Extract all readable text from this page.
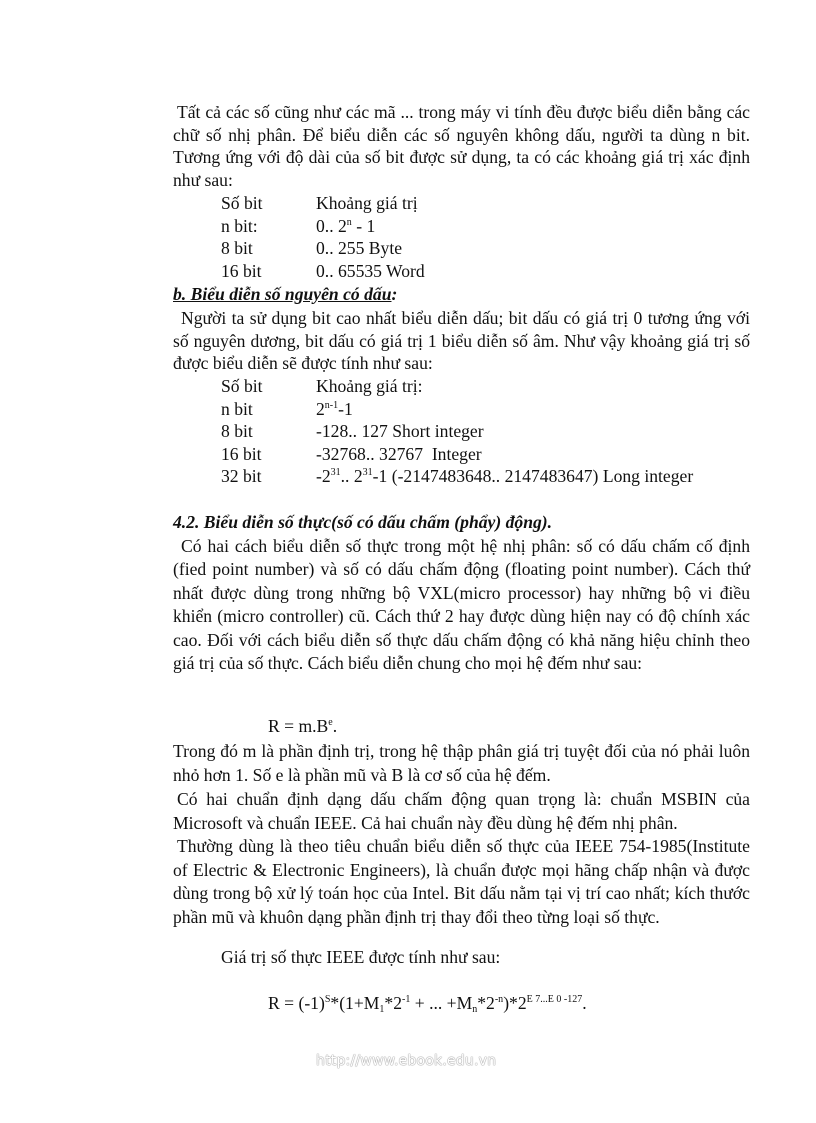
Tất cả các số cũng như các mã ... trong máy vi tính đều được biểu diễn bằng các chữ số nhị phân. Để biểu diễn các số nguyên không dấu, người ta dùng n bit. Tương ứng với độ dài của số bit được sử dụng, ta có các khoảng giá trị xác định như sau:
Số bit	Khoảng giá trị
n bit:	0.. 2$^n$ - 1
8 bit	0.. 255 Byte
16 bit	0.. 65535 Word
b. Biểu diễn số nguyên có dấu:
Người ta sử dụng bit cao nhất biểu diễn dấu; bit dấu có giá trị 0 tương ứng với số nguyên dương, bit dấu có giá trị 1 biểu diễn số âm. Như vậy khoảng giá trị số được biểu diễn sẽ được tính như sau:
Số bit	Khoảng giá trị:
n bit	2$^{n-1}$-1
8 bit	-128.. 127 Short integer
16 bit	-32768.. 32767  Integer
32 bit	$-2^{31}$.. $2^{31}-1$ (-2147483648.. 2147483647) Long integer
4.2. Biểu diễn số thực(số có dấu chấm (phẩy) động).
Có hai cách biểu diễn số thực trong một hệ nhị phân: số có dấu chấm cố định (fied point number) và số có dấu chấm động (floating point number). Cách thứ nhất được dùng trong những bộ VXL(micro processor) hay những bộ vi điều khiển (micro controller) cũ. Cách thứ 2 hay được dùng hiện nay có độ chính xác cao. Đối với cách biểu diễn số thực dấu chấm động có khả năng hiệu chỉnh theo giá trị của số thực. Cách biểu diễn chung cho mọi hệ đếm như sau:
$R = m.B^e$.
Trong đó m là phần định trị, trong hệ thập phân giá trị tuyệt đối của nó phải luôn nhỏ hơn 1. Số e là phần mũ và B là cơ số của hệ đếm.
Có hai chuẩn định dạng dấu chấm động quan trọng là: chuẩn MSBIN của Microsoft và chuẩn IEEE. Cả hai chuẩn này đều dùng hệ đếm nhị phân.
Thường dùng là theo tiêu chuẩn biểu diễn số thực của IEEE 754-1985(Institute of Electric & Electronic Engineers), là chuẩn được mọi hãng chấp nhận và được dùng trong bộ xử lý toán học của Intel. Bit dấu nằm tại vị trí cao nhất; kích thước phần mũ và khuôn dạng phần định trị thay đổi theo từng loại số thực.
Giá trị số thực IEEE được tính như sau:
$R = (-1)^S*(1+M_1*2^{-1}$ + ... $+M_n*2^{-n})*2^{E 7...E 0 -127}$.
http://www.ebook.edu.vn
